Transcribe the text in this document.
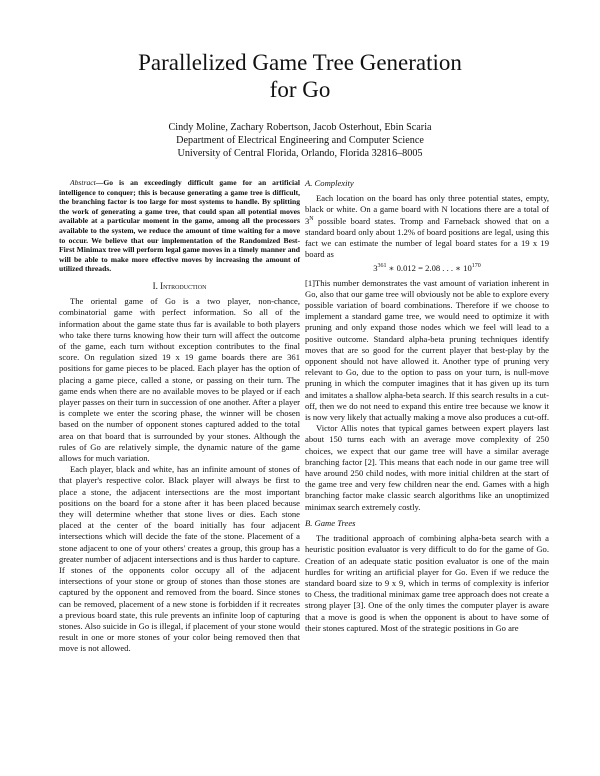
Parallelized Game Tree Generation
for Go
Cindy Moline, Zachary Robertson, Jacob Osterhout, Ebin Scaria
Department of Electrical Engineering and Computer Science
University of Central Florida, Orlando, Florida 32816–8005

Abstract—Go is an exceedingly difficult game for an artificial intelligence to conquer; this is because generating a game tree is difficult, the branching factor is too large for most systems to handle. By splitting the work of generating a game tree, that could span all potential moves available at a particular moment in the game, among all the processors available to the system, we reduce the amount of time waiting for a move to occur. We believe that our implementation of the Randomized Best-First Minimax tree will perform legal game moves in a timely manner and will be able to make more effective moves by increasing the amount of utilized threads.

I. Introduction

The oriental game of Go is a two player, non-chance, combinatorial game with perfect information. So all of the information about the game state thus far is available to both players who take there turns knowing how their turn will affect the outcome of the game, each turn without exception contributes to the final score. On regulation sized 19 x 19 game boards there are 361 positions for game pieces to be placed. Each player has the option of placing a game piece, called a stone, or passing on their turn. The game ends when there are no available moves to be played or if each player passes on their turn in succession of one another. After a player is complete we enter the scoring phase, the winner will be chosen based on the number of opponent stones captured added to the total area on that board that is surrounded by your stones. Although the rules of Go are relatively simple, the dynamic nature of the game allows for much variation.

Each player, black and white, has an infinite amount of stones of that player's respective color. Black player will always be first to place a stone, the adjacent intersections are the most important positions on the board for a stone after it has been placed because they will determine whether that stone lives or dies. Each stone placed at the center of the board initially has four adjacent intersections which will decide the fate of the stone. Placement of a stone adjacent to one of your others' creates a group, this group has a greater number of adjacent intersections and is thus harder to capture. If stones of the opponents color occupy all of the adjacent intersections of your stone or group of stones than those stones are captured by the opponent and removed from the board. Since stones can be removed, placement of a new stone is forbidden if it recreates a previous board state, this rule prevents an infinite loop of capturing stones. Also suicide in Go is illegal, if placement of your stone would result in one or more stones of your color being removed then that move is not allowed.

A. Complexity

Each location on the board has only three potential states, empty, black or white. On a game board with N locations there are a total of $3^N$ possible board states. Tromp and Farneback showed that on a standard board only about 1.2% of board positions are legal, using this fact we can estimate the number of legal board states for a 19 x 19 board as

$3^{361}$ ∗ 0.012 = 2.08 . . . ∗ $10^{170}$

[1]This number demonstrates the vast amount of variation inherent in Go, also that our game tree will obviously not be able to explore every possible variation of board combinations. Therefore if we choose to implement a standard game tree, we would need to optimize it with pruning and only expand those nodes which we feel will lead to a positive outcome. Standard alpha-beta pruning techniques identify moves that are so good for the current player that best-play by the opponent should not have allowed it. Another type of pruning very relevant to Go, due to the option to pass on your turn, is null-move pruning in which the computer imagines that it has given up its turn and imitates a shallow alpha-beta search. If this search results in a cut-off, then we do not need to expand this entire tree because we know it is now very likely that actually making a move also produces a cut-off.

Victor Allis notes that typical games between expert players last about 150 turns each with an average move complexity of 250 choices, we expect that our game tree will have a similar average branching factor [2]. This means that each node in our game tree will have around 250 child nodes, with more initial children at the start of the game tree and very few children near the end. Games with a high branching factor make classic search algorithms like an unoptimized minimax search extremely costly.

B. Game Trees

The traditional approach of combining alpha-beta search with a heuristic position evaluator is very difficult to do for the game of Go. Creation of an adequate static position evaluator is one of the main hurdles for writing an artificial player for Go. Even if we reduce the standard board size to 9 x 9, which in terms of complexity is inferior to Chess, the traditional minimax game tree approach does not create a strong player [3]. One of the only times the computer player is aware that a move is good is when the opponent is about to have some of their stones captured. Most of the strategic positions in Go are
